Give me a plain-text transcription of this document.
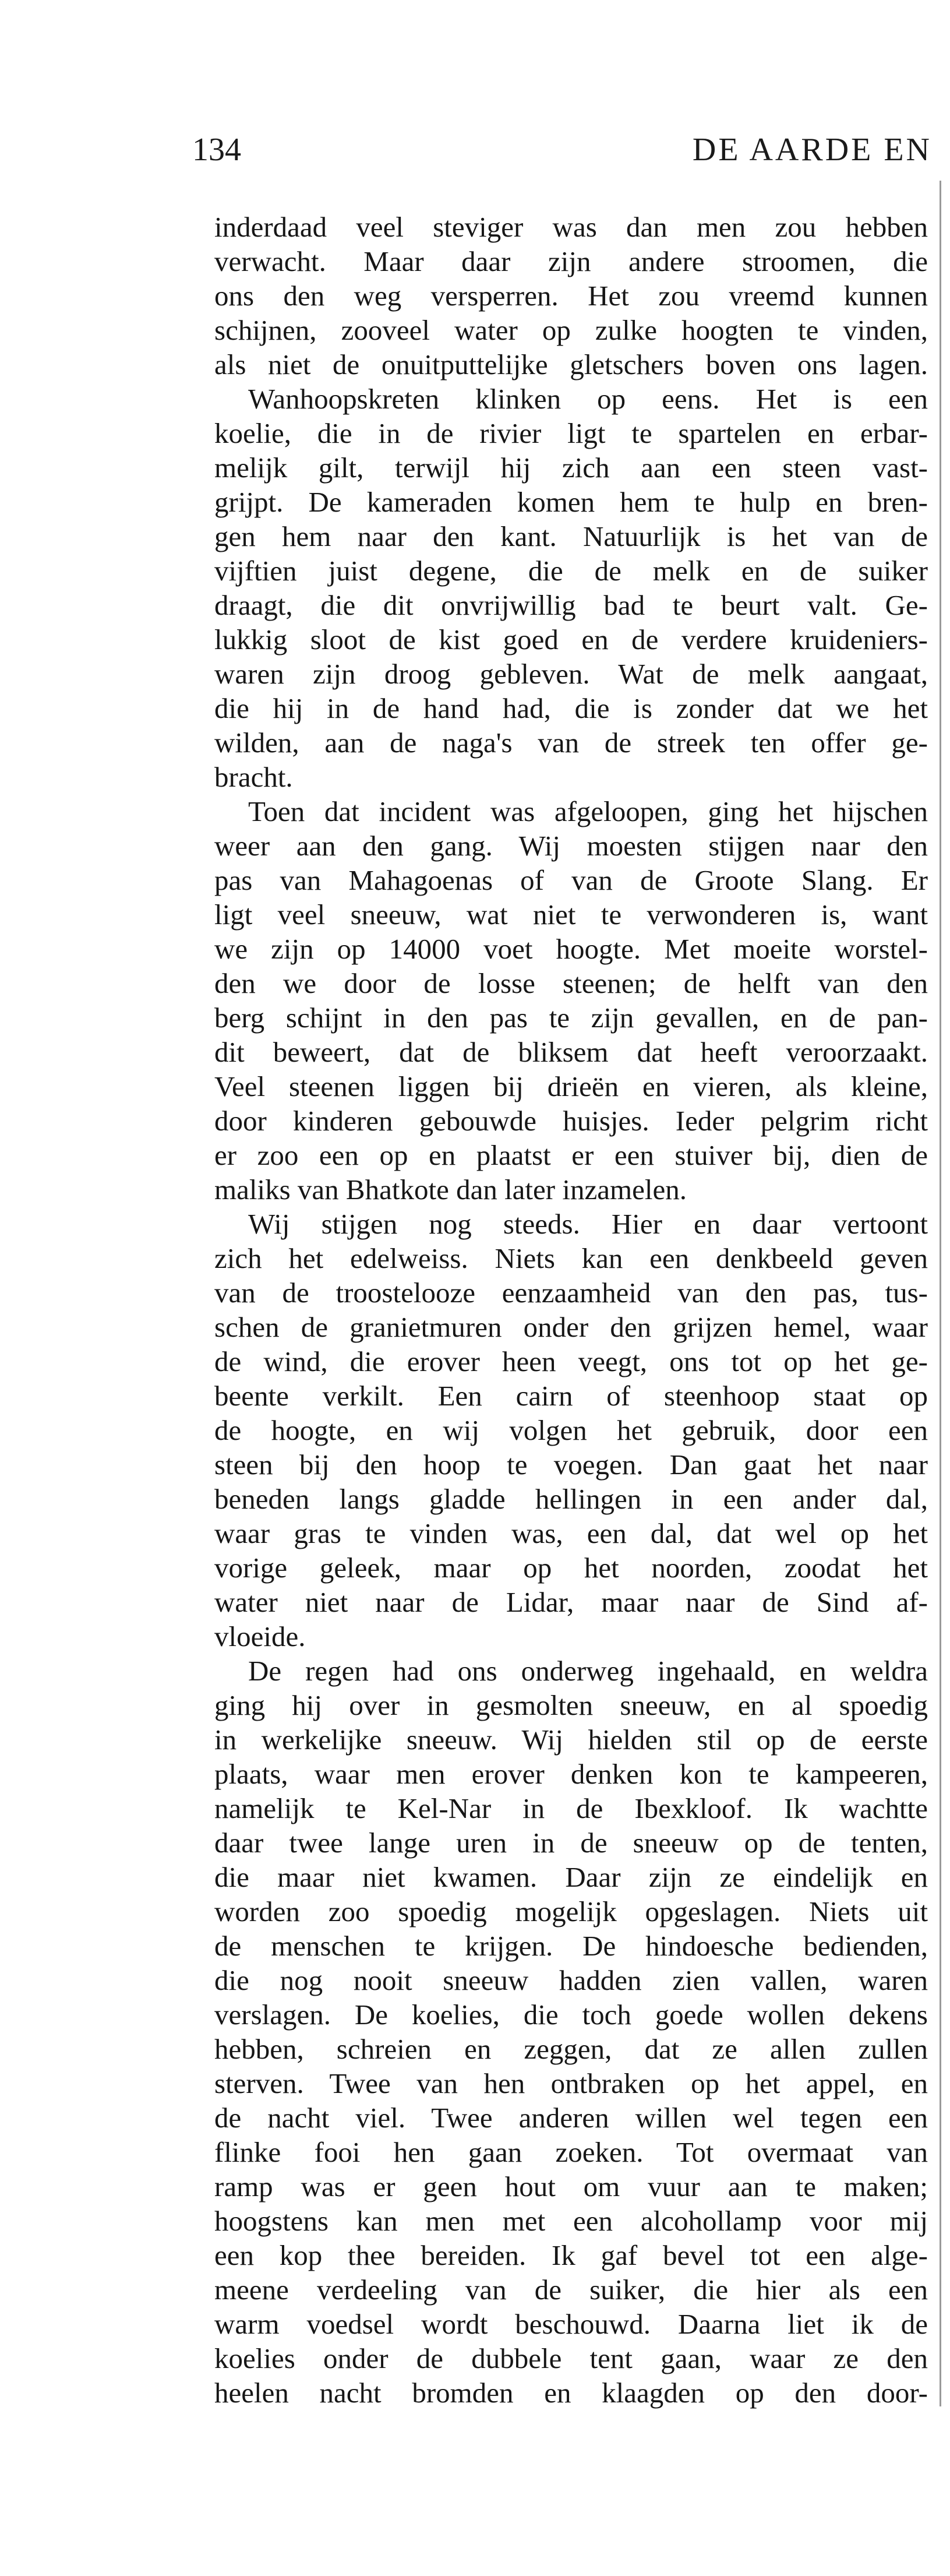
134	DE AARDE EN
inderdaad veel steviger was dan men zou hebben
verwacht. Maar daar zijn andere stroomen, die
ons den weg versperren. Het zou vreemd kunnen
schijnen, zooveel water op zulke hoogten te vinden,
als niet de onuitputtelijke gletschers boven ons lagen.
Wanhoopskreten klinken op eens. Het is een
koelie, die in de rivier ligt te spartelen en erbar-
melijk gilt, terwijl hij zich aan een steen vast-
grijpt. De kameraden komen hem te hulp en bren-
gen hem naar den kant. Natuurlijk is het van de
vijftien juist degene, die de melk en de suiker
draagt, die dit onvrijwillig bad te beurt valt. Ge-
lukkig sloot de kist goed en de verdere kruideniers-
waren zijn droog gebleven. Wat de melk aangaat,
die hij in de hand had, die is zonder dat we het
wilden, aan de naga's van de streek ten offer ge-
bracht.
Toen dat incident was afgeloopen, ging het hijschen
weer aan den gang. Wij moesten stijgen naar den
pas van Mahagoenas of van de Groote Slang. Er
ligt veel sneeuw, wat niet te verwonderen is, want
we zijn op 14000 voet hoogte. Met moeite worstel-
den we door de losse steenen; de helft van den
berg schijnt in den pas te zijn gevallen, en de pan-
dit beweert, dat de bliksem dat heeft veroorzaakt.
Veel steenen liggen bij drieën en vieren, als kleine,
door kinderen gebouwde huisjes. Ieder pelgrim richt
er zoo een op en plaatst er een stuiver bij, dien de
maliks van Bhatkote dan later inzamelen.
Wij stijgen nog steeds. Hier en daar vertoont
zich het edelweiss. Niets kan een denkbeeld geven
van de troostelooze eenzaamheid van den pas, tus-
schen de granietmuren onder den grijzen hemel, waar
de wind, die erover heen veegt, ons tot op het ge-
beente verkilt. Een cairn of steenhoop staat op
de hoogte, en wij volgen het gebruik, door een
steen bij den hoop te voegen. Dan gaat het naar
beneden langs gladde hellingen in een ander dal,
waar gras te vinden was, een dal, dat wel op het
vorige geleek, maar op het noorden, zoodat het
water niet naar de Lidar, maar naar de Sind af-
vloeide.
De regen had ons onderweg ingehaald, en weldra
ging hij over in gesmolten sneeuw, en al spoedig
in werkelijke sneeuw. Wij hielden stil op de eerste
plaats, waar men erover denken kon te kampeeren,
namelijk te Kel-Nar in de Ibexkloof. Ik wachtte
daar twee lange uren in de sneeuw op de tenten,
die maar niet kwamen. Daar zijn ze eindelijk en
worden zoo spoedig mogelijk opgeslagen. Niets uit
de menschen te krijgen. De hindoesche bedienden,
die nog nooit sneeuw hadden zien vallen, waren
verslagen. De koelies, die toch goede wollen dekens
hebben, schreien en zeggen, dat ze allen zullen
sterven. Twee van hen ontbraken op het appel, en
de nacht viel. Twee anderen willen wel tegen een
flinke fooi hen gaan zoeken. Tot overmaat van
ramp was er geen hout om vuur aan te maken;
hoogstens kan men met een alcohollamp voor mij
een kop thee bereiden. Ik gaf bevel tot een alge-
meene verdeeling van de suiker, die hier als een
warm voedsel wordt beschouwd. Daarna liet ik de
koelies onder de dubbele tent gaan, waar ze den
heelen nacht bromden en klaagden op den door-
